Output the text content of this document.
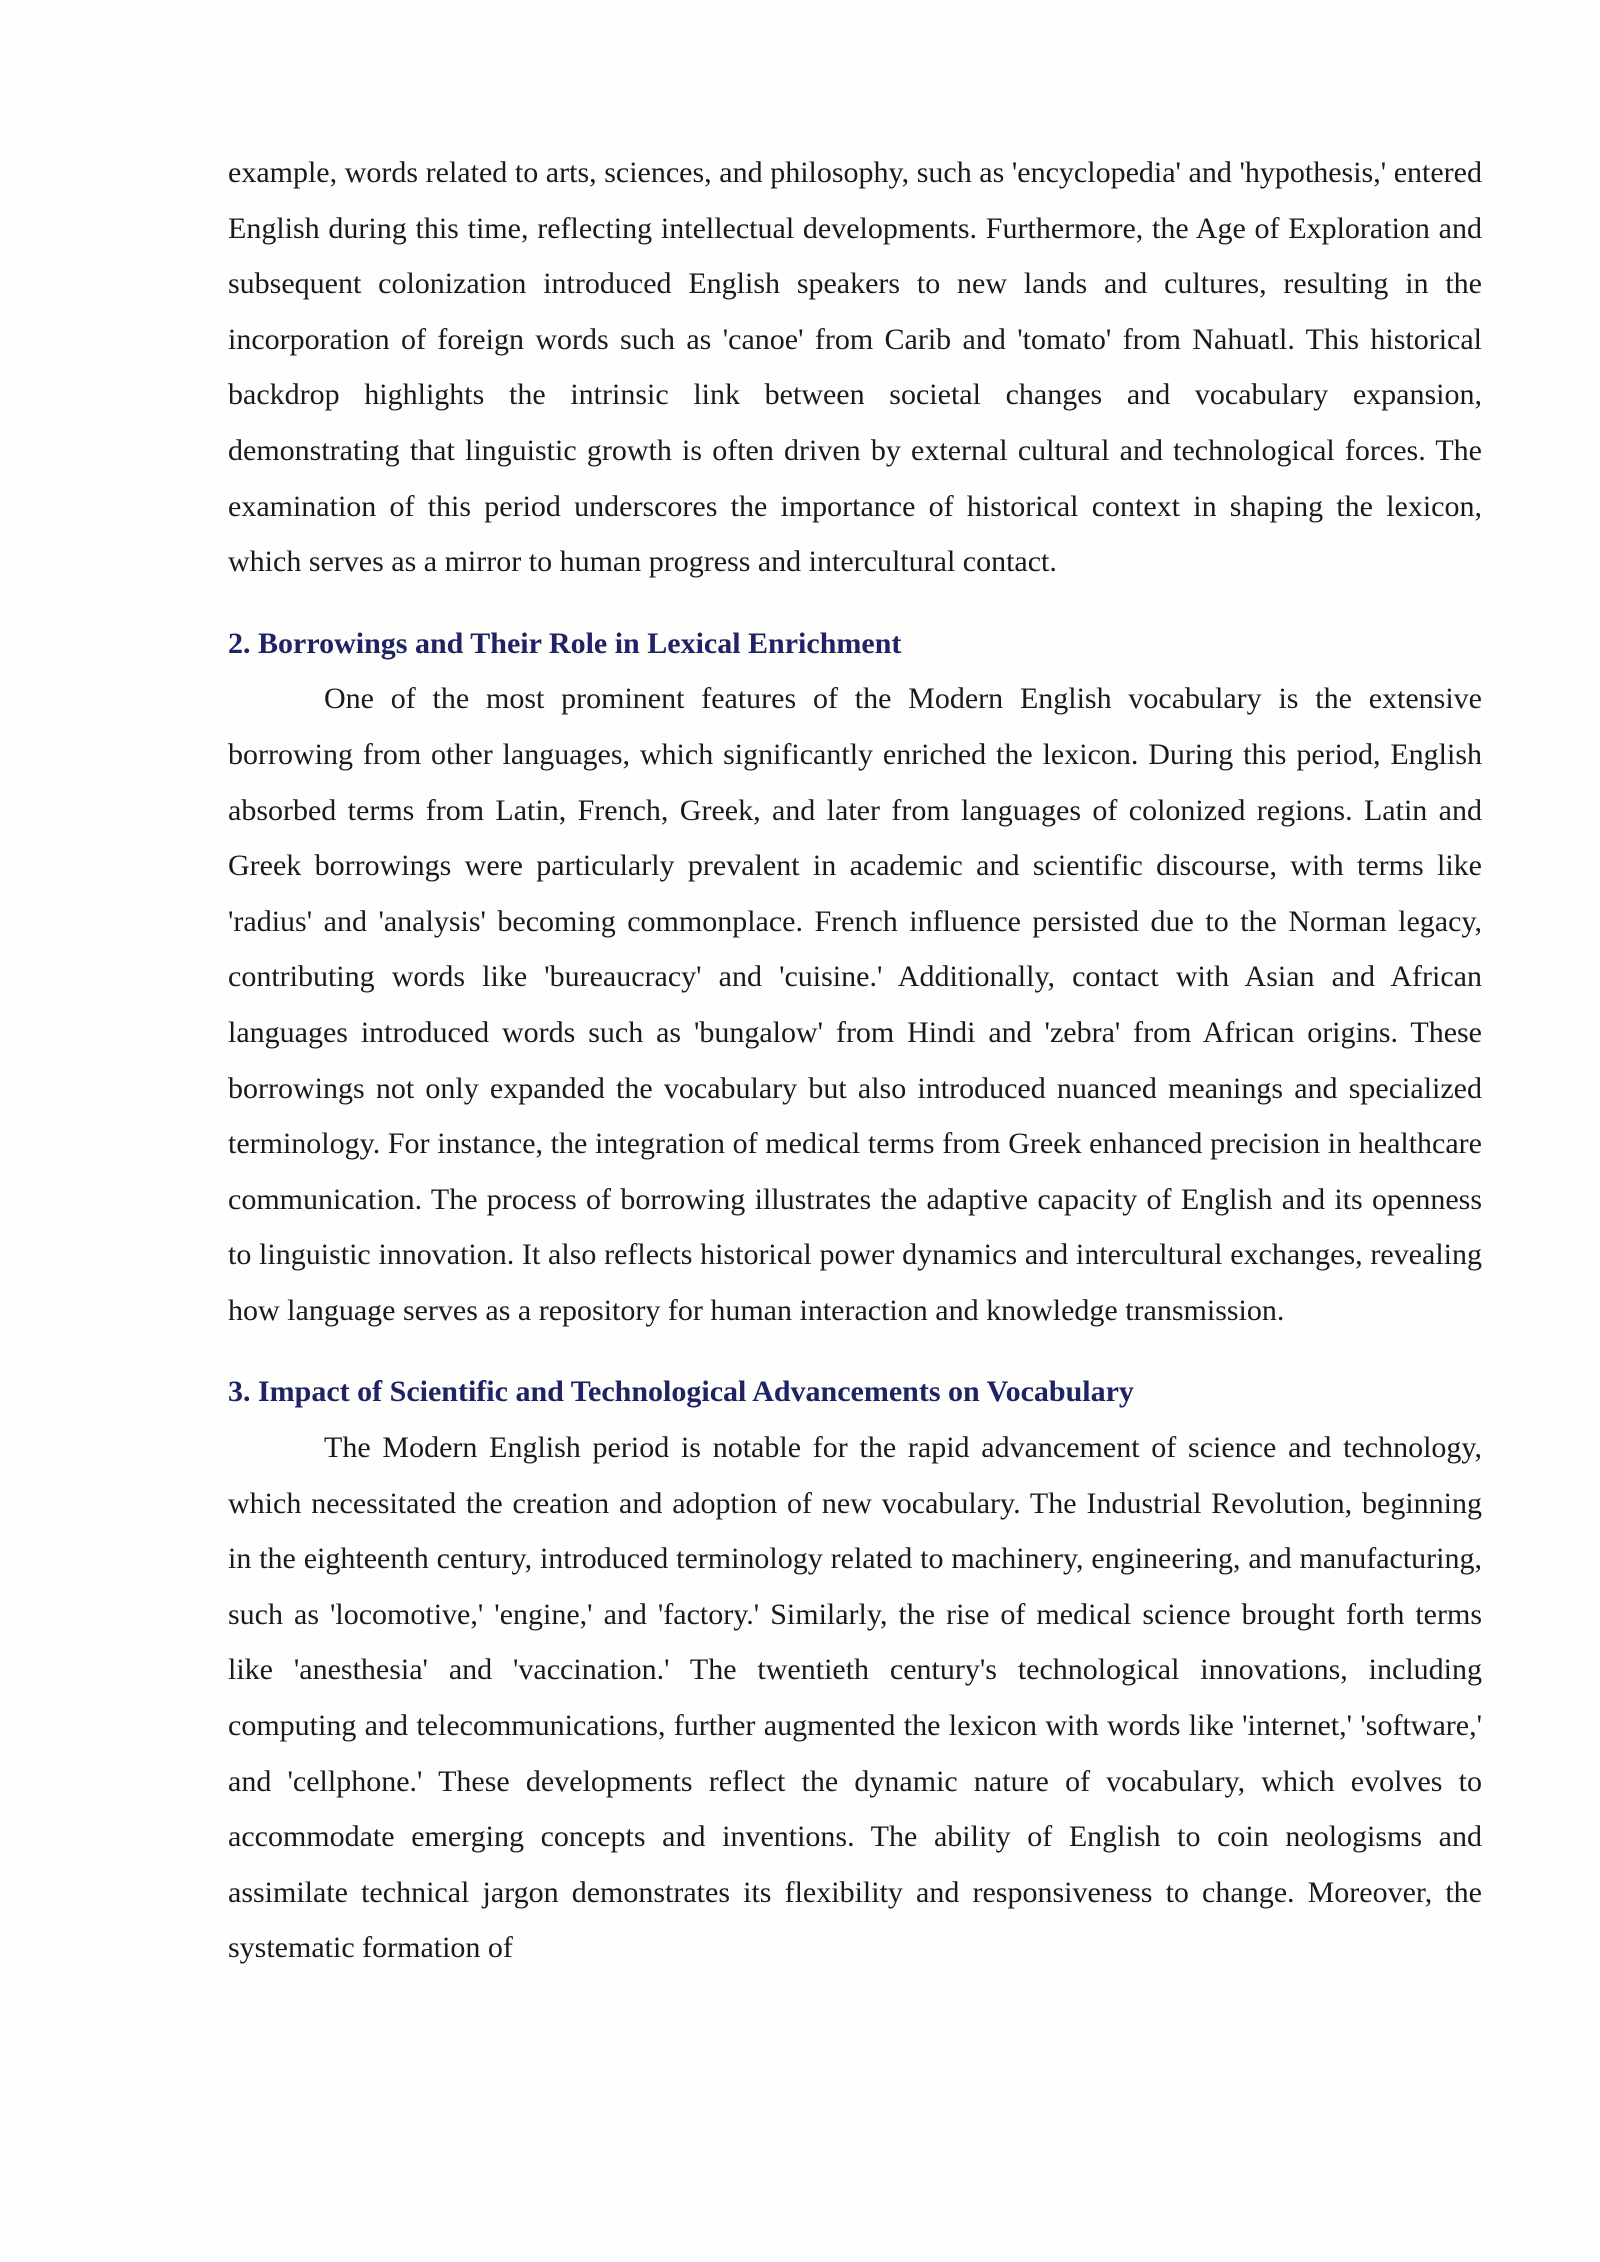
example, words related to arts, sciences, and philosophy, such as 'encyclopedia' and 'hypothesis,' entered English during this time, reflecting intellectual developments. Furthermore, the Age of Exploration and subsequent colonization introduced English speakers to new lands and cultures, resulting in the incorporation of foreign words such as 'canoe' from Carib and 'tomato' from Nahuatl. This historical backdrop highlights the intrinsic link between societal changes and vocabulary expansion, demonstrating that linguistic growth is often driven by external cultural and technological forces. The examination of this period underscores the importance of historical context in shaping the lexicon, which serves as a mirror to human progress and intercultural contact.

2. Borrowings and Their Role in Lexical Enrichment

One of the most prominent features of the Modern English vocabulary is the extensive borrowing from other languages, which significantly enriched the lexicon. During this period, English absorbed terms from Latin, French, Greek, and later from languages of colonized regions. Latin and Greek borrowings were particularly prevalent in academic and scientific discourse, with terms like 'radius' and 'analysis' becoming commonplace. French influence persisted due to the Norman legacy, contributing words like 'bureaucracy' and 'cuisine.' Additionally, contact with Asian and African languages introduced words such as 'bungalow' from Hindi and 'zebra' from African origins. These borrowings not only expanded the vocabulary but also introduced nuanced meanings and specialized terminology. For instance, the integration of medical terms from Greek enhanced precision in healthcare communication. The process of borrowing illustrates the adaptive capacity of English and its openness to linguistic innovation. It also reflects historical power dynamics and intercultural exchanges, revealing how language serves as a repository for human interaction and knowledge transmission.

3. Impact of Scientific and Technological Advancements on Vocabulary

The Modern English period is notable for the rapid advancement of science and technology, which necessitated the creation and adoption of new vocabulary. The Industrial Revolution, beginning in the eighteenth century, introduced terminology related to machinery, engineering, and manufacturing, such as 'locomotive,' 'engine,' and 'factory.' Similarly, the rise of medical science brought forth terms like 'anesthesia' and 'vaccination.' The twentieth century's technological innovations, including computing and telecommunications, further augmented the lexicon with words like 'internet,' 'software,' and 'cellphone.' These developments reflect the dynamic nature of vocabulary, which evolves to accommodate emerging concepts and inventions. The ability of English to coin neologisms and assimilate technical jargon demonstrates its flexibility and responsiveness to change. Moreover, the systematic formation of
